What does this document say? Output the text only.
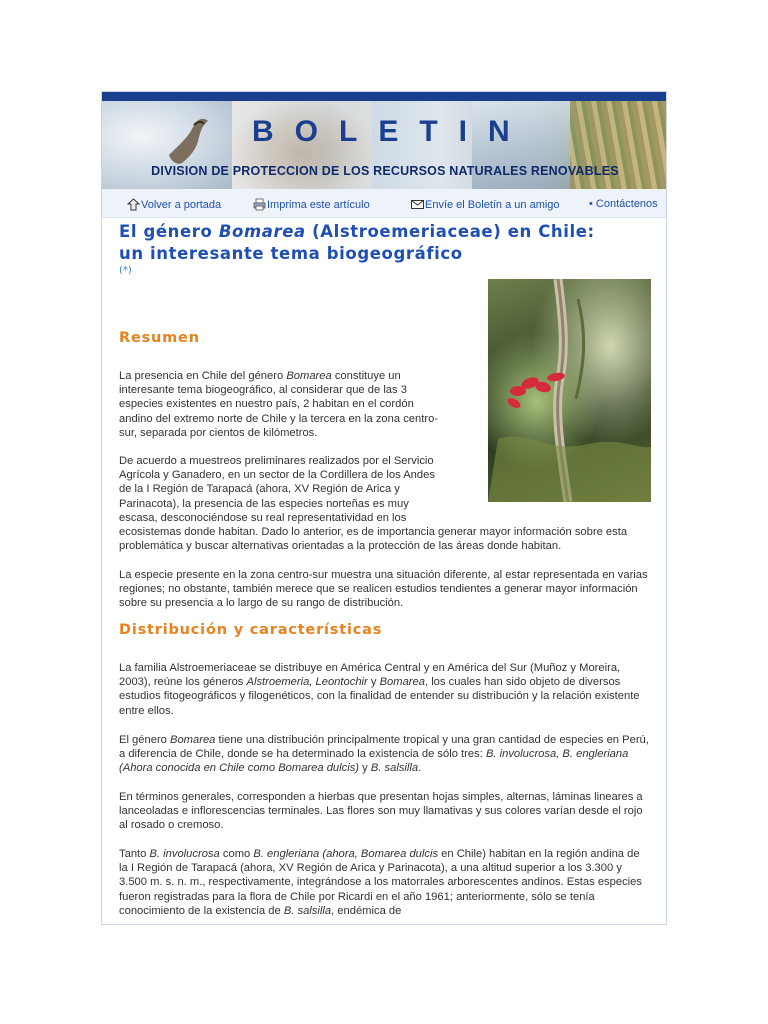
BOLETIN
DIVISION DE PROTECCION DE LOS RECURSOS NATURALES RENOVABLES
Volver a portada	Imprima este artículo	Envíe el Boletín a un amigo	• Contáctenos
El género Bomarea (Alstroemeriaceae) en Chile:
un interesante tema biogeográfico
(*)
Resumen

La presencia en Chile del género Bomarea constituye un interesante tema biogeográfico, al considerar que de las 3 especies existentes en nuestro país, 2 habitan en el cordón andino del extremo norte de Chile y la tercera en la zona centro-sur, separada por cientos de kilómetros.

De acuerdo a muestreos preliminares realizados por el Servicio Agrícola y Ganadero, en un sector de la Cordillera de los Andes de la I Región de Tarapacá (ahora, XV Región de Arica y Parinacota), la presencia de las especies norteñas es muy escasa, desconociéndose su real representatividad en los

ecosistemas donde habitan. Dado lo anterior, es de importancia generar mayor información sobre esta problemática y buscar alternativas orientadas a la protección de las áreas donde habitan.

La especie presente en la zona centro-sur muestra una situación diferente, al estar representada en varias regiones; no obstante, también merece que se realicen estudios tendientes a generar mayor información sobre su presencia a lo largo de su rango de distribución.

Distribución y características

La familia Alstroemeriaceae se distribuye en América Central y en América del Sur (Muñoz y Moreira, 2003), reúne los géneros Alstroemeria, Leontochir y Bomarea, los cuales han sido objeto de diversos estudios fitogeográficos y filogenéticos, con la finalidad de entender su distribución y la relación existente entre ellos.

El género Bomarea tiene una distribución principalmente tropical y una gran cantidad de especies en Perú, a diferencia de Chile, donde se ha determinado la existencia de sólo tres: B. involucrosa, B. engleriana (Ahora conocida en Chile como Bomarea dulcis) y B. salsilla.

En términos generales, corresponden a hierbas que presentan hojas simples, alternas, láminas lineares a lanceoladas e inflorescencias terminales. Las flores son muy llamativas y sus colores varían desde el rojo al rosado o cremoso.

Tanto B. involucrosa como B. engleriana (ahora, Bomarea dulcis en Chile) habitan en la región andina de la I Región de Tarapacá (ahora, XV Región de Arica y Parinacota), a una altitud superior a los 3.300 y 3.500 m. s. n. m., respectivamente, integrándose a los matorrales arborescentes andinos. Estas especies fueron registradas para la flora de Chile por Ricardi en el año 1961; anteriormente, sólo se tenía conocimiento de la existencia de B. salsilla, endémica de
